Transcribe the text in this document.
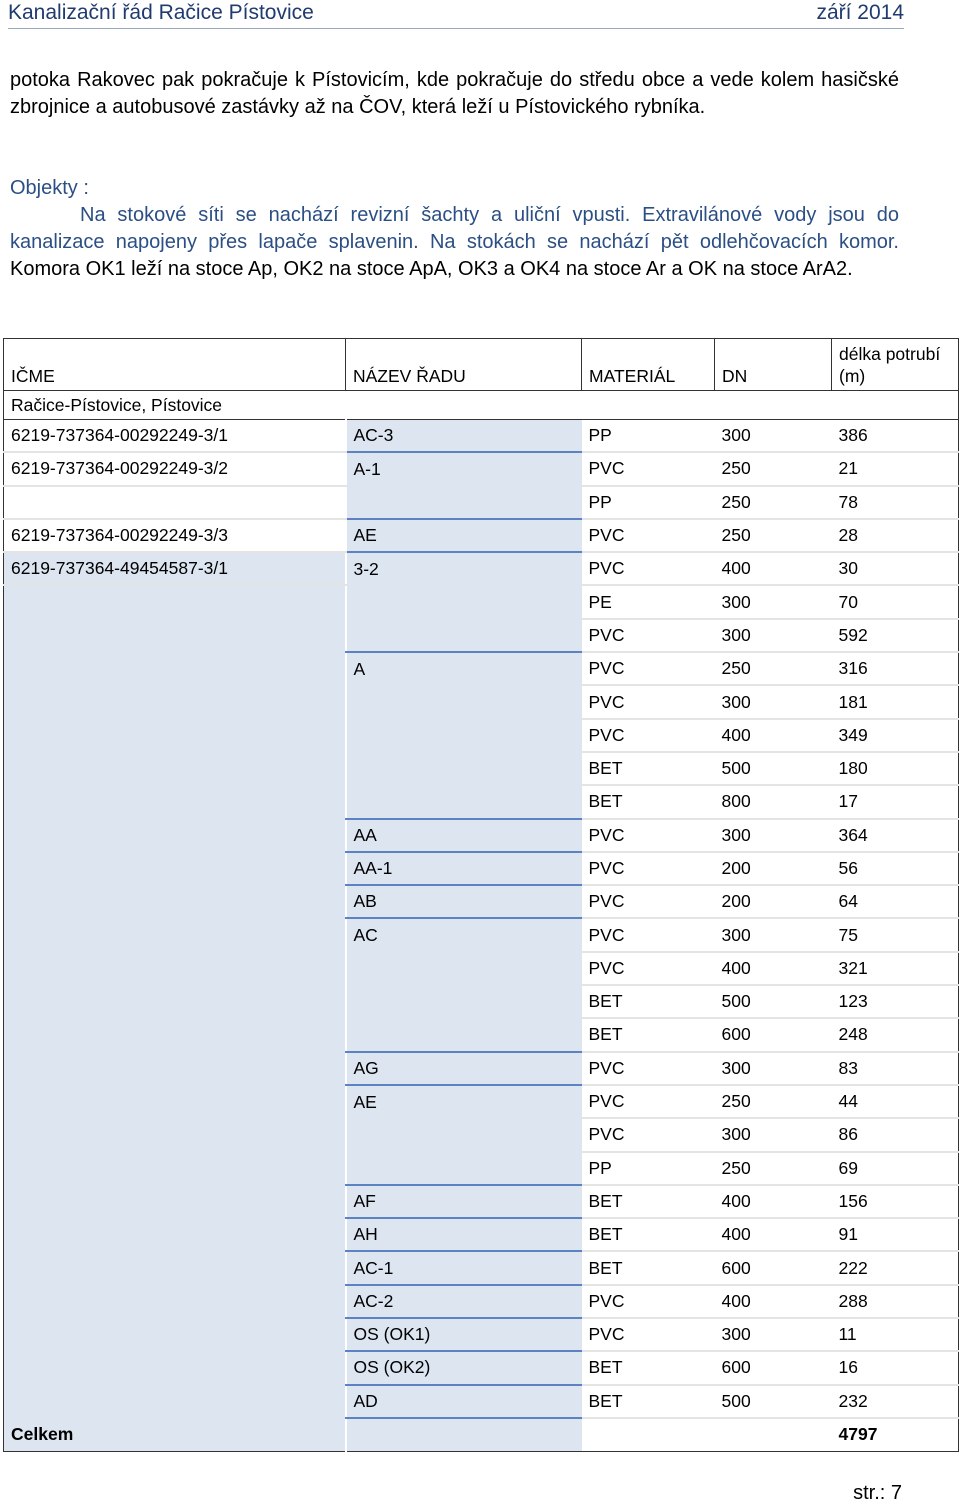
Kanalizační řád Račice Pístovice	září 2014
potoka Rakovec pak pokračuje k Pístovicím, kde pokračuje do středu obce a vede kolem hasičské zbrojnice a autobusové zastávky až na ČOV, která leží u Pístovického rybníka.
Objekty :
Na stokové síti se nachází revizní šachty a uliční vpusti. Extravilánové vody jsou do kanalizace napojeny přes lapače splavenin. Na stokách se nachází pět odlehčovacích komor. Komora OK1 leží na stoce Ap, OK2 na stoce ApA, OK3 a OK4 na stoce Ar a OK na stoce ArA2.
IČME	NÁZEV ŘADU	MATERIÁL	DN	délka potrubí (m)
Račice-Pístovice, Pístovice				
6219-737364-00292249-3/1	AC-3	PP	300	386
6219-737364-00292249-3/2	A-1	PVC	250	21
		PP	250	78
6219-737364-00292249-3/3	AE	PVC	250	28
6219-737364-49454587-3/1	3-2	PVC	400	30
		PE	300	70
		PVC	300	592
	A	PVC	250	316
		PVC	300	181
		PVC	400	349
		BET	500	180
		BET	800	17
	AA	PVC	300	364
	AA-1	PVC	200	56
	AB	PVC	200	64
	AC	PVC	300	75
		PVC	400	321
		BET	500	123
		BET	600	248
	AG	PVC	300	83
	AE	PVC	250	44
		PVC	300	86
		PP	250	69
	AF	BET	400	156
	AH	BET	400	91
	AC-1	BET	600	222
	AC-2	PVC	400	288
	OS (OK1)	PVC	300	11
	OS (OK2)	BET	600	16
	AD	BET	500	232
Celkem				4797
str.: 7
